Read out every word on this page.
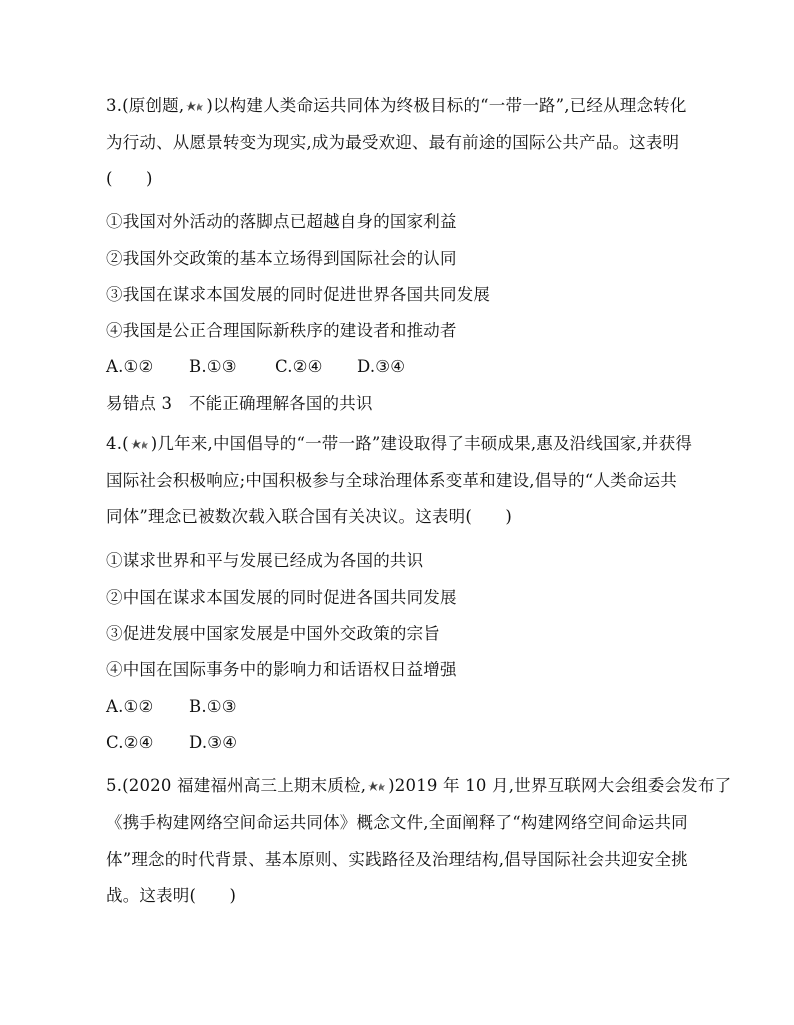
3.(原创题, )以构建人类命运共同体为终极目标的“一带一路”,已经从理念转化
为行动、从愿景转变为现实,成为最受欢迎、最有前途的国际公共产品。这表明
(　　)
①我国对外活动的落脚点已超越自身的国家利益
②我国外交政策的基本立场得到国际社会的认同
③我国在谋求本国发展的同时促进世界各国共同发展
④我国是公正合理国际新秩序的建设者和推动者
A.①② B.①③ C.②④ D.③④
易错点 3　不能正确理解各国的共识
4.( )几年来,中国倡导的“一带一路”建设取得了丰硕成果,惠及沿线国家,并获得
国际社会积极响应;中国积极参与全球治理体系变革和建设,倡导的“人类命运共
同体”理念已被数次载入联合国有关决议。这表明(　　)
①谋求世界和平与发展已经成为各国的共识
②中国在谋求本国发展的同时促进各国共同发展
③促进发展中国家发展是中国外交政策的宗旨
④中国在国际事务中的影响力和话语权日益增强
A.①② B.①③
C.②④ D.③④
5.(2020 福建福州高三上期末质检, )2019 年 10 月,世界互联网大会组委会发布了
《携手构建网络空间命运共同体》概念文件,全面阐释了“构建网络空间命运共同
体”理念的时代背景、基本原则、实践路径及治理结构,倡导国际社会共迎安全挑
战。这表明(　　)
